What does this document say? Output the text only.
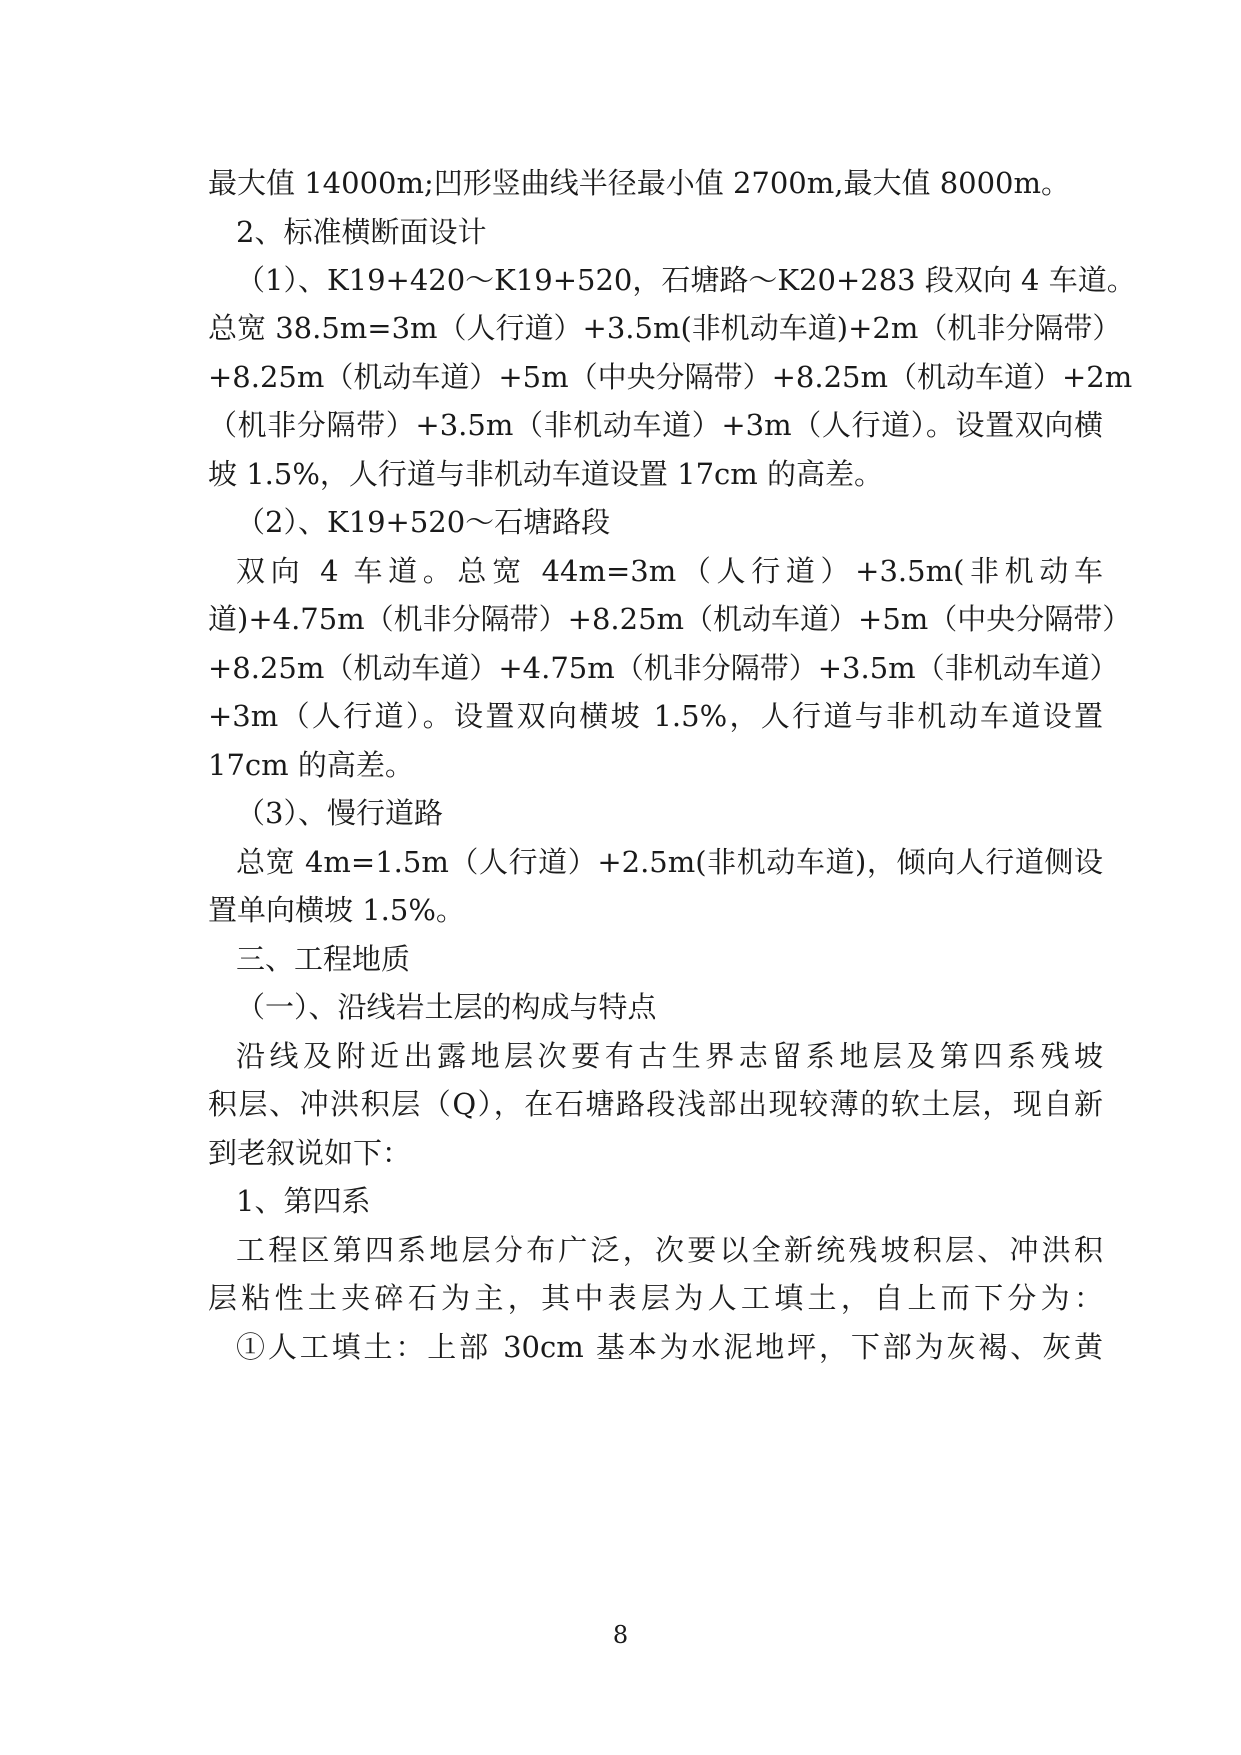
最大值 14000m;凹形竖曲线半径最小值 2700m,最大值 8000m。
2、标准横断面设计
（1）、K19+420～K19+520，石塘路～K20+283 段双向 4 车道。
总宽 38.5m=3m（人行道）+3.5m(非机动车道)+2m（机非分隔带）
+8.25m（机动车道）+5m（中央分隔带）+8.25m（机动车道）+2m
（机非分隔带）+3.5m（非机动车道）+3m（人行道）。设置双向横
坡 1.5%，人行道与非机动车道设置 17cm 的高差。
（2）、K19+520～石塘路段
双向 4 车道。总宽 44m=3m（人行道）+3.5m(非机动车
道)+4.75m（机非分隔带）+8.25m（机动车道）+5m（中央分隔带）
+8.25m（机动车道）+4.75m（机非分隔带）+3.5m（非机动车道）
+3m（人行道）。设置双向横坡 1.5%，人行道与非机动车道设置
17cm 的高差。
（3）、慢行道路
总宽 4m=1.5m（人行道）+2.5m(非机动车道)，倾向人行道侧设
置单向横坡 1.5%。
三、工程地质
（一）、沿线岩土层的构成与特点
沿线及附近出露地层次要有古生界志留系地层及第四系残坡
积层、冲洪积层（Q），在石塘路段浅部出现较薄的软土层，现自新
到老叙说如下：
1、第四系
工程区第四系地层分布广泛，次要以全新统残坡积层、冲洪积
层粘性土夹碎石为主，其中表层为人工填土，自上而下分为：
①人工填土：上部 30cm 基本为水泥地坪，下部为灰褐、灰黄
8
